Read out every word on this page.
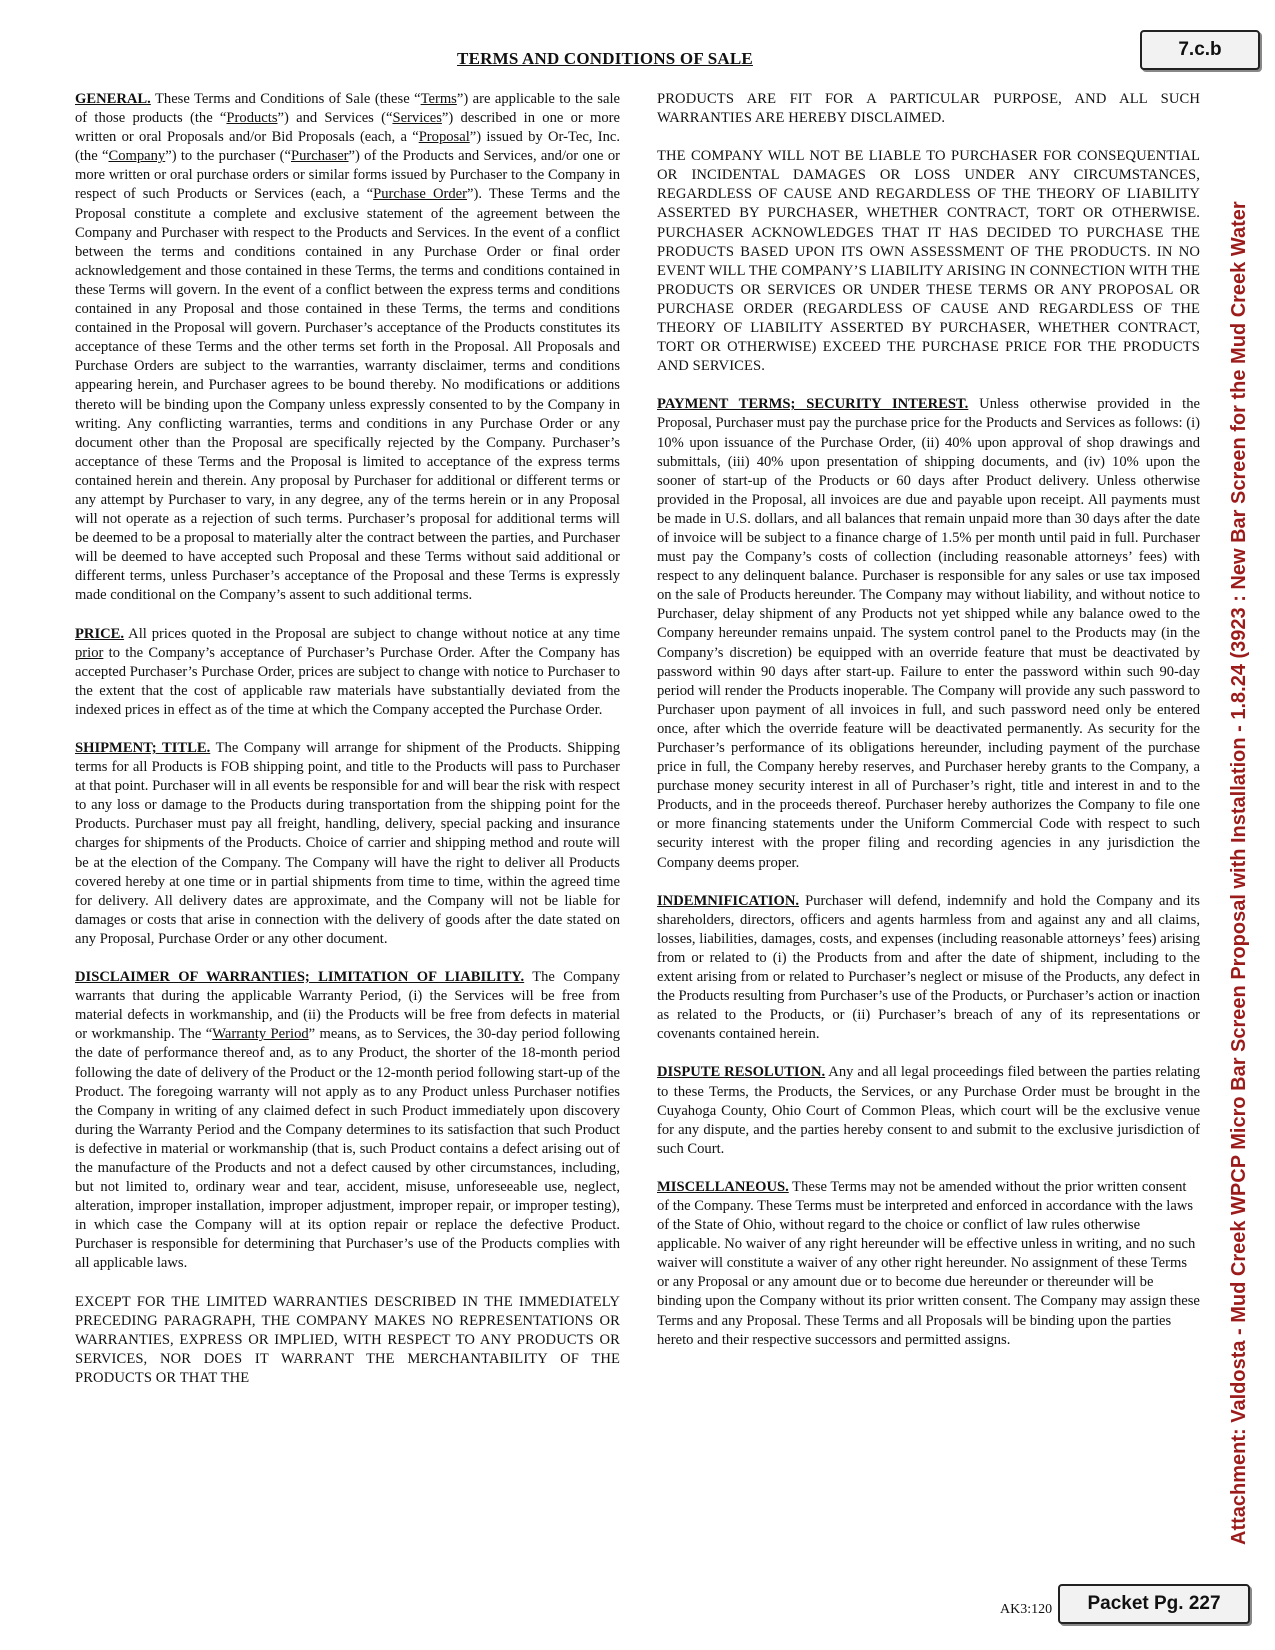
7.c.b
TERMS AND CONDITIONS OF SALE

GENERAL. These Terms and Conditions of Sale (these “Terms”) are applicable to the sale of those products (the “Products”) and Services (“Services”) described in one or more written or oral Proposals and/or Bid Proposals (each, a “Proposal”) issued by Or-Tec, Inc. (the “Company”) to the purchaser (“Purchaser”) of the Products and Services, and/or one or more written or oral purchase orders or similar forms issued by Purchaser to the Company in respect of such Products or Services (each, a “Purchase Order”). These Terms and the Proposal constitute a complete and exclusive statement of the agreement between the Company and Purchaser with respect to the Products and Services. In the event of a conflict between the terms and conditions contained in any Purchase Order or final order acknowledgement and those contained in these Terms, the terms and conditions contained in these Terms will govern. In the event of a conflict between the express terms and conditions contained in any Proposal and those contained in these Terms, the terms and conditions contained in the Proposal will govern. Purchaser’s acceptance of the Products constitutes its acceptance of these Terms and the other terms set forth in the Proposal. All Proposals and Purchase Orders are subject to the warranties, warranty disclaimer, terms and conditions appearing herein, and Purchaser agrees to be bound thereby. No modifications or additions thereto will be binding upon the Company unless expressly consented to by the Company in writing. Any conflicting warranties, terms and conditions in any Purchase Order or any document other than the Proposal are specifically rejected by the Company. Purchaser’s acceptance of these Terms and the Proposal is limited to acceptance of the express terms contained herein and therein. Any proposal by Purchaser for additional or different terms or any attempt by Purchaser to vary, in any degree, any of the terms herein or in any Proposal will not operate as a rejection of such terms. Purchaser’s proposal for additional terms will be deemed to be a proposal to materially alter the contract between the parties, and Purchaser will be deemed to have accepted such Proposal and these Terms without said additional or different terms, unless Purchaser’s acceptance of the Proposal and these Terms is expressly made conditional on the Company’s assent to such additional terms.

PRICE. All prices quoted in the Proposal are subject to change without notice at any time prior to the Company’s acceptance of Purchaser’s Purchase Order. After the Company has accepted Purchaser’s Purchase Order, prices are subject to change with notice to Purchaser to the extent that the cost of applicable raw materials have substantially deviated from the indexed prices in effect as of the time at which the Company accepted the Purchase Order.

SHIPMENT; TITLE. The Company will arrange for shipment of the Products. Shipping terms for all Products is FOB shipping point, and title to the Products will pass to Purchaser at that point. Purchaser will in all events be responsible for and will bear the risk with respect to any loss or damage to the Products during transportation from the shipping point for the Products. Purchaser must pay all freight, handling, delivery, special packing and insurance charges for shipments of the Products. Choice of carrier and shipping method and route will be at the election of the Company. The Company will have the right to deliver all Products covered hereby at one time or in partial shipments from time to time, within the agreed time for delivery. All delivery dates are approximate, and the Company will not be liable for damages or costs that arise in connection with the delivery of goods after the date stated on any Proposal, Purchase Order or any other document.

DISCLAIMER OF WARRANTIES; LIMITATION OF LIABILITY. The Company warrants that during the applicable Warranty Period, (i) the Services will be free from material defects in workmanship, and (ii) the Products will be free from defects in material or workmanship. The “Warranty Period” means, as to Services, the 30-day period following the date of performance thereof and, as to any Product, the shorter of the 18-month period following the date of delivery of the Product or the 12-month period following start-up of the Product. The foregoing warranty will not apply as to any Product unless Purchaser notifies the Company in writing of any claimed defect in such Product immediately upon discovery during the Warranty Period and the Company determines to its satisfaction that such Product is defective in material or workmanship (that is, such Product contains a defect arising out of the manufacture of the Products and not a defect caused by other circumstances, including, but not limited to, ordinary wear and tear, accident, misuse, unforeseeable use, neglect, alteration, improper installation, improper adjustment, improper repair, or improper testing), in which case the Company will at its option repair or replace the defective Product. Purchaser is responsible for determining that Purchaser’s use of the Products complies with all applicable laws.

EXCEPT FOR THE LIMITED WARRANTIES DESCRIBED IN THE IMMEDIATELY PRECEDING PARAGRAPH, THE COMPANY MAKES NO REPRESENTATIONS OR WARRANTIES, EXPRESS OR IMPLIED, WITH RESPECT TO ANY PRODUCTS OR SERVICES, NOR DOES IT WARRANT THE MERCHANTABILITY OF THE PRODUCTS OR THAT THE

PRODUCTS ARE FIT FOR A PARTICULAR PURPOSE, AND ALL SUCH WARRANTIES ARE HEREBY DISCLAIMED.

THE COMPANY WILL NOT BE LIABLE TO PURCHASER FOR CONSEQUENTIAL OR INCIDENTAL DAMAGES OR LOSS UNDER ANY CIRCUMSTANCES, REGARDLESS OF CAUSE AND REGARDLESS OF THE THEORY OF LIABILITY ASSERTED BY PURCHASER, WHETHER CONTRACT, TORT OR OTHERWISE. PURCHASER ACKNOWLEDGES THAT IT HAS DECIDED TO PURCHASE THE PRODUCTS BASED UPON ITS OWN ASSESSMENT OF THE PRODUCTS. IN NO EVENT WILL THE COMPANY’S LIABILITY ARISING IN CONNECTION WITH THE PRODUCTS OR SERVICES OR UNDER THESE TERMS OR ANY PROPOSAL OR PURCHASE ORDER (REGARDLESS OF CAUSE AND REGARDLESS OF THE THEORY OF LIABILITY ASSERTED BY PURCHASER, WHETHER CONTRACT, TORT OR OTHERWISE) EXCEED THE PURCHASE PRICE FOR THE PRODUCTS AND SERVICES.

PAYMENT TERMS; SECURITY INTEREST. Unless otherwise provided in the Proposal, Purchaser must pay the purchase price for the Products and Services as follows: (i) 10% upon issuance of the Purchase Order, (ii) 40% upon approval of shop drawings and submittals, (iii) 40% upon presentation of shipping documents, and (iv) 10% upon the sooner of start-up of the Products or 60 days after Product delivery. Unless otherwise provided in the Proposal, all invoices are due and payable upon receipt. All payments must be made in U.S. dollars, and all balances that remain unpaid more than 30 days after the date of invoice will be subject to a finance charge of 1.5% per month until paid in full. Purchaser must pay the Company’s costs of collection (including reasonable attorneys’ fees) with respect to any delinquent balance. Purchaser is responsible for any sales or use tax imposed on the sale of Products hereunder. The Company may without liability, and without notice to Purchaser, delay shipment of any Products not yet shipped while any balance owed to the Company hereunder remains unpaid. The system control panel to the Products may (in the Company’s discretion) be equipped with an override feature that must be deactivated by password within 90 days after start-up. Failure to enter the password within such 90-day period will render the Products inoperable. The Company will provide any such password to Purchaser upon payment of all invoices in full, and such password need only be entered once, after which the override feature will be deactivated permanently. As security for the Purchaser’s performance of its obligations hereunder, including payment of the purchase price in full, the Company hereby reserves, and Purchaser hereby grants to the Company, a purchase money security interest in all of Purchaser’s right, title and interest in and to the Products, and in the proceeds thereof. Purchaser hereby authorizes the Company to file one or more financing statements under the Uniform Commercial Code with respect to such security interest with the proper filing and recording agencies in any jurisdiction the Company deems proper.

INDEMNIFICATION. Purchaser will defend, indemnify and hold the Company and its shareholders, directors, officers and agents harmless from and against any and all claims, losses, liabilities, damages, costs, and expenses (including reasonable attorneys’ fees) arising from or related to (i) the Products from and after the date of shipment, including to the extent arising from or related to Purchaser’s neglect or misuse of the Products, any defect in the Products resulting from Purchaser’s use of the Products, or Purchaser’s action or inaction as related to the Products, or (ii) Purchaser’s breach of any of its representations or covenants contained herein.

DISPUTE RESOLUTION. Any and all legal proceedings filed between the parties relating to these Terms, the Products, the Services, or any Purchase Order must be brought in the Cuyahoga County, Ohio Court of Common Pleas, which court will be the exclusive venue for any dispute, and the parties hereby consent to and submit to the exclusive jurisdiction of such Court.

MISCELLANEOUS. These Terms may not be amended without the prior written consent of the Company. These Terms must be interpreted and enforced in accordance with the laws of the State of Ohio, without regard to the choice or conflict of law rules otherwise applicable. No waiver of any right hereunder will be effective unless in writing, and no such waiver will constitute a waiver of any other right hereunder. No assignment of these Terms or any Proposal or any amount due or to become due hereunder or thereunder will be binding upon the Company without its prior written consent. The Company may assign these Terms and any Proposal. These Terms and all Proposals will be binding upon the parties hereto and their respective successors and permitted assigns.	Attachment: Valdosta - Mud Creek WPCP Micro Bar Screen Proposal with Installation - 1.8.24 (3923 : New Bar Screen for the Mud Creek Water
AK3:120	Packet Pg. 227
